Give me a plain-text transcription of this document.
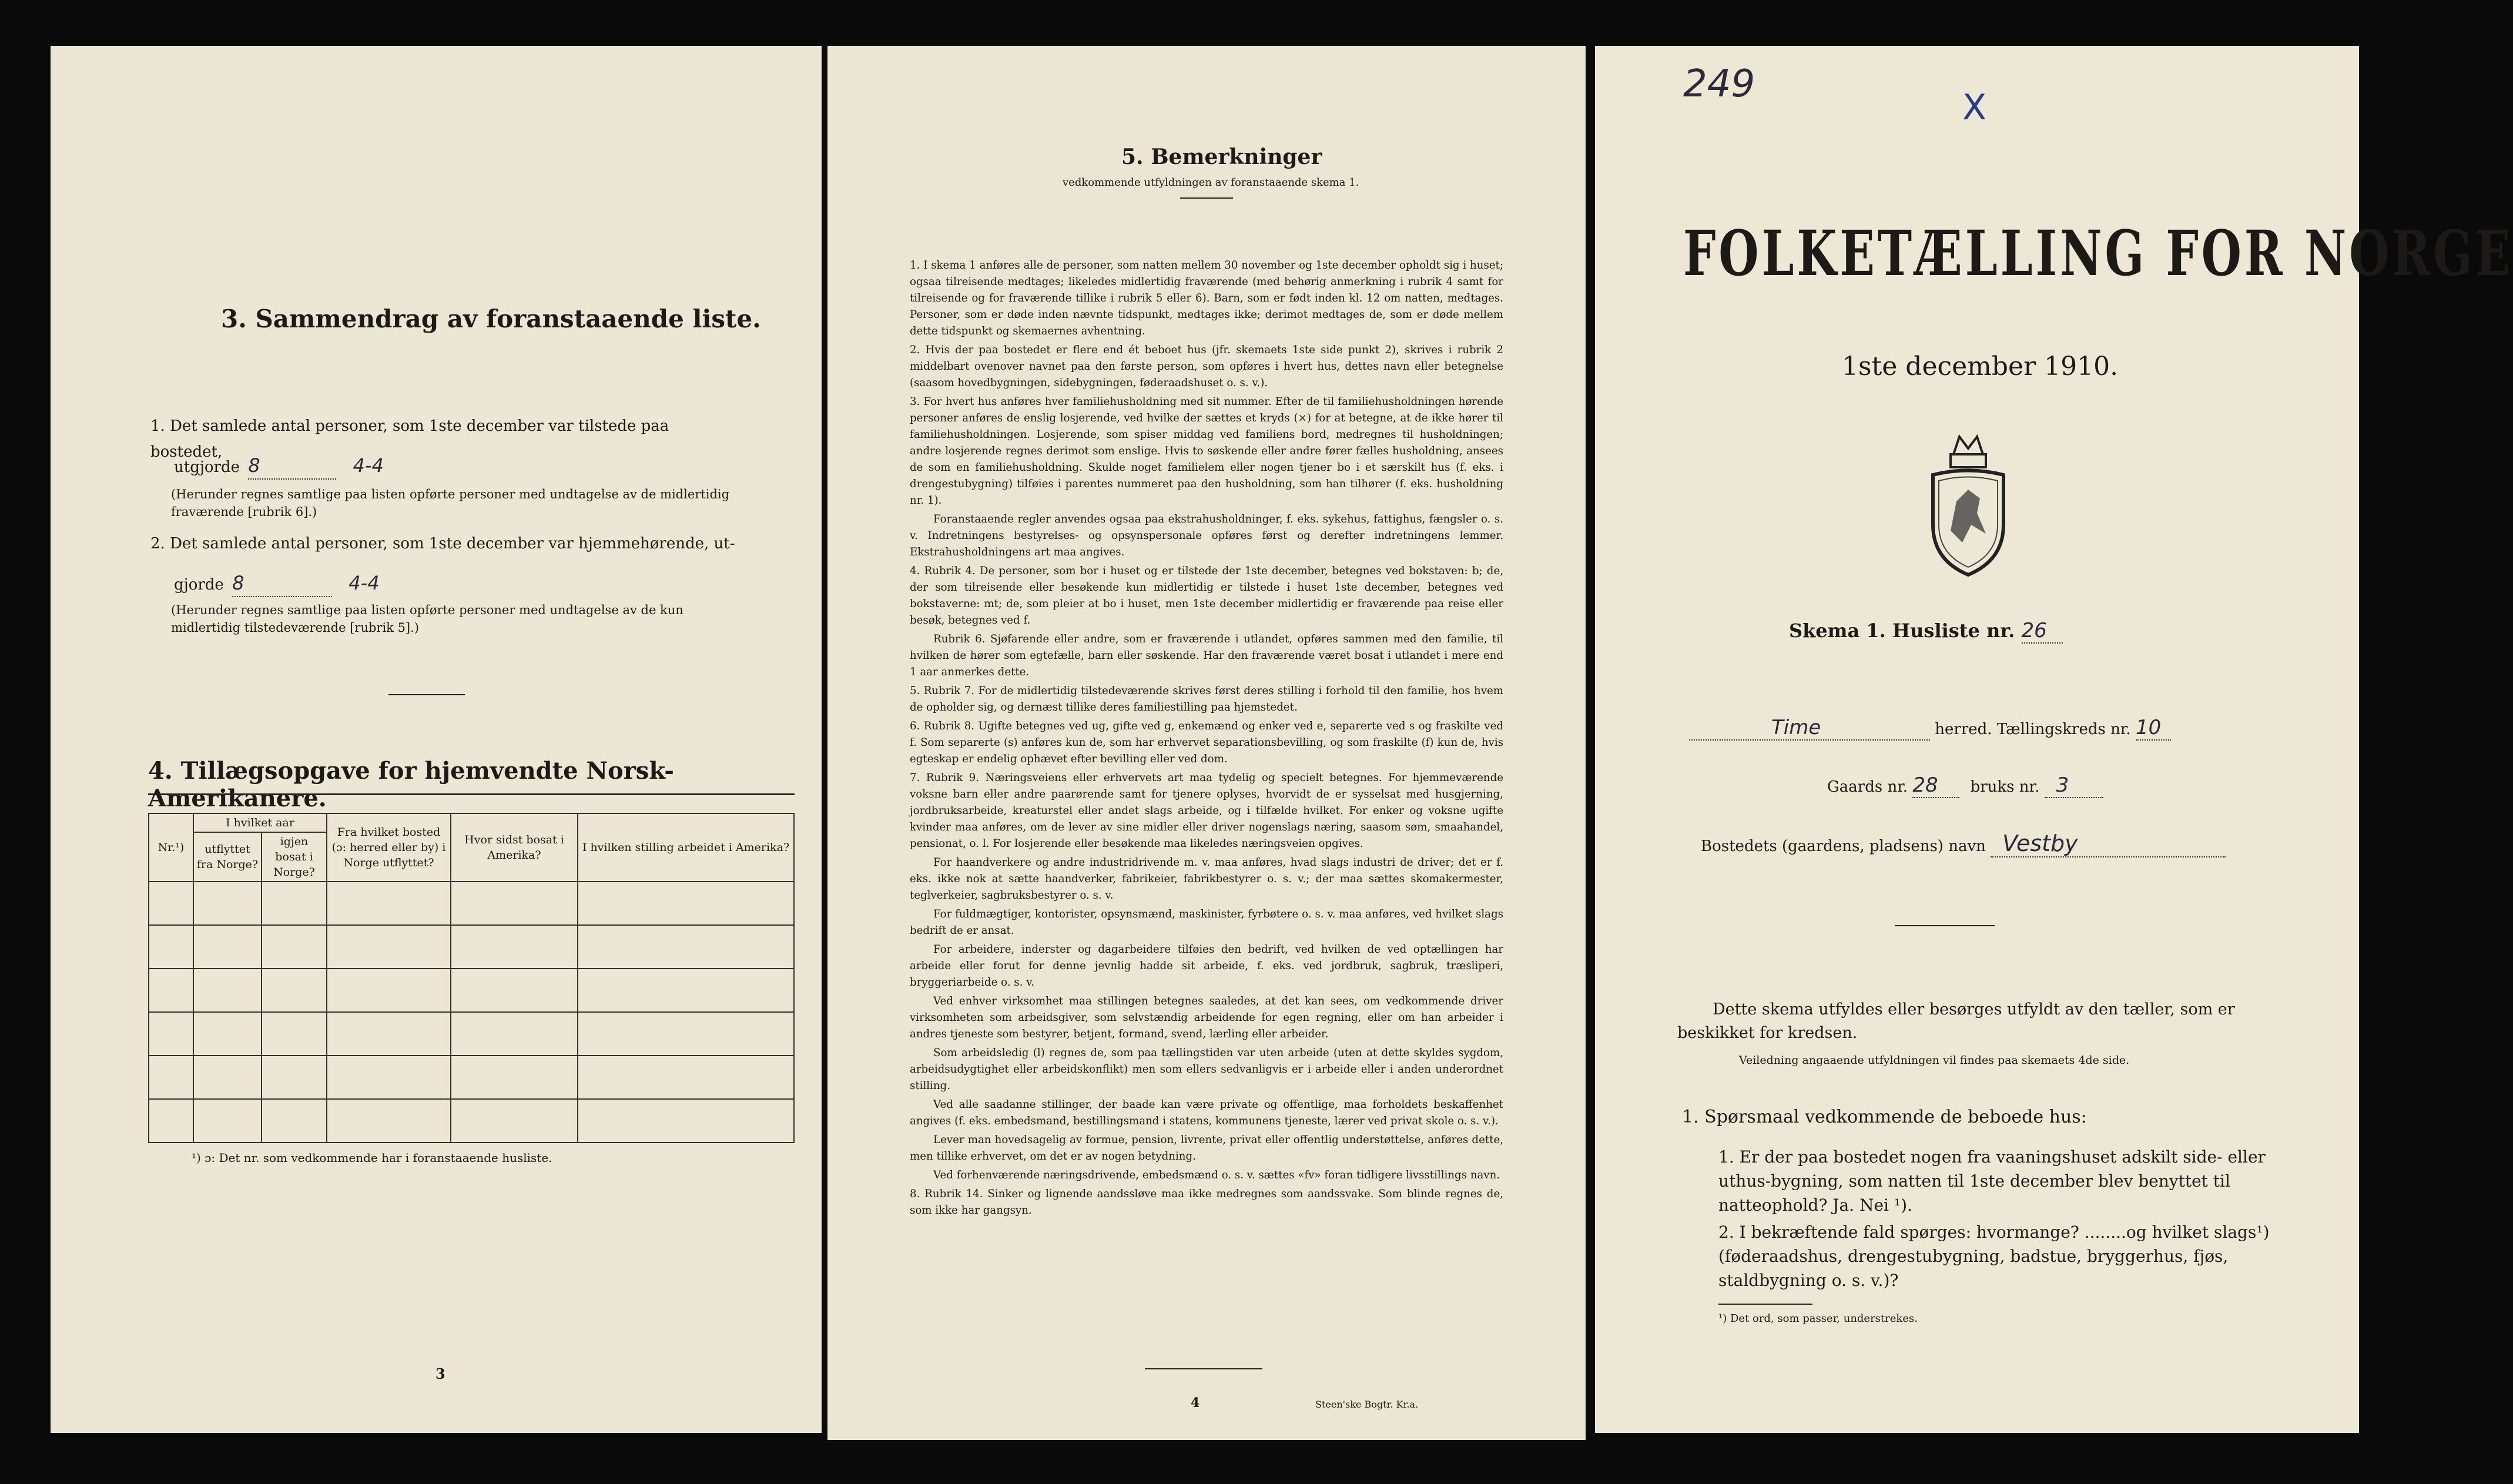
3. Sammendrag av foranstaaende liste.
1. Det samlede antal personer, som 1ste december var tilstede paa bostedet,
utgjorde 8	4-4
(Herunder regnes samtlige paa listen opførte personer med undtagelse av de midlertidig fraværende [rubrik 6].)
2. Det samlede antal personer, som 1ste december var hjemmehørende, ut-
gjorde 8	4-4
(Herunder regnes samtlige paa listen opførte personer med undtagelse av de kun midlertidig tilstedeværende [rubrik 5].)
4. Tillægsopgave for hjemvendte Norsk-Amerikanere.
Nr.¹)	I hvilket aar		Fra hvilket bosted (ɔ: herred eller by) i Norge utflyttet?	Hvor sidst bosat i Amerika?	I hvilken stilling arbeidet i Amerika?
	utflyttet fra Norge?	igjen bosat i Norge?			

¹) ɔ: Det nr. som vedkommende har i foranstaaende husliste.
3
5. Bemerkninger
vedkommende utfyldningen av foranstaaende skema 1.

1. I skema 1 anføres alle de personer, som natten mellem 30 november og 1ste december opholdt sig i huset; ogsaa tilreisende medtages; likeledes midlertidig fraværende (med behørig anmerkning i rubrik 4 samt for tilreisende og for fraværende tillike i rubrik 5 eller 6). Barn, som er født inden kl. 12 om natten, medtages. Personer, som er døde inden nævnte tidspunkt, medtages ikke; derimot medtages de, som er døde mellem dette tidspunkt og skemaernes avhentning.

2. Hvis der paa bostedet er flere end ét beboet hus (jfr. skemaets 1ste side punkt 2), skrives i rubrik 2 middelbart ovenover navnet paa den første person, som opføres i hvert hus, dettes navn eller betegnelse (saasom hovedbygningen, sidebygningen, føderaadshuset o. s. v.).

3. For hvert hus anføres hver familiehusholdning med sit nummer. Efter de til familiehusholdningen hørende personer anføres de enslig losjerende, ved hvilke der sættes et kryds (×) for at betegne, at de ikke hører til familiehusholdningen. Losjerende, som spiser middag ved familiens bord, medregnes til husholdningen; andre losjerende regnes derimot som enslige. Hvis to søskende eller andre fører fælles husholdning, ansees de som en familiehusholdning. Skulde noget familielem eller nogen tjener bo i et særskilt hus (f. eks. i drengestubygning) tilføies i parentes nummeret paa den husholdning, som han tilhører (f. eks. husholdning nr. 1).

Foranstaaende regler anvendes ogsaa paa ekstrahusholdninger, f. eks. sykehus, fattighus, fængsler o. s. v. Indretningens bestyrelses- og opsynspersonale opføres først og derefter indretningens lemmer. Ekstrahusholdningens art maa angives.

4. Rubrik 4. De personer, som bor i huset og er tilstede der 1ste december, betegnes ved bokstaven: b; de, der som tilreisende eller besøkende kun midlertidig er tilstede i huset 1ste december, betegnes ved bokstaverne: mt; de, som pleier at bo i huset, men 1ste december midlertidig er fraværende paa reise eller besøk, betegnes ved f.

Rubrik 6. Sjøfarende eller andre, som er fraværende i utlandet, opføres sammen med den familie, til hvilken de hører som egtefælle, barn eller søskende. Har den fraværende været bosat i utlandet i mere end 1 aar anmerkes dette.

5. Rubrik 7. For de midlertidig tilstedeværende skrives først deres stilling i forhold til den familie, hos hvem de opholder sig, og dernæst tillike deres familiestilling paa hjemstedet.

6. Rubrik 8. Ugifte betegnes ved ug, gifte ved g, enkemænd og enker ved e, separerte ved s og fraskilte ved f. Som separerte (s) anføres kun de, som har erhvervet separationsbevilling, og som fraskilte (f) kun de, hvis egteskap er endelig ophævet efter bevilling eller ved dom.

7. Rubrik 9. Næringsveiens eller erhvervets art maa tydelig og specielt betegnes. For hjemmeværende voksne barn eller andre paarørende samt for tjenere oplyses, hvorvidt de er sysselsat med husgjerning, jordbruksarbeide, kreaturstel eller andet slags arbeide, og i tilfælde hvilket. For enker og voksne ugifte kvinder maa anføres, om de lever av sine midler eller driver nogenslags næring, saasom søm, smaahandel, pensionat, o. l. For losjerende eller besøkende maa likeledes næringsveien opgives.

For haandverkere og andre industridrivende m. v. maa anføres, hvad slags industri de driver; det er f. eks. ikke nok at sætte haandverker, fabrikeier, fabrikbestyrer o. s. v.; der maa sættes skomakermester, teglverkeier, sagbruksbestyrer o. s. v.

For fuldmægtiger, kontorister, opsynsmænd, maskinister, fyrbøtere o. s. v. maa anføres, ved hvilket slags bedrift de er ansat.

For arbeidere, inderster og dagarbeidere tilføies den bedrift, ved hvilken de ved optællingen har arbeide eller forut for denne jevnlig hadde sit arbeide, f. eks. ved jordbruk, sagbruk, træsliperi, bryggeriarbeide o. s. v.

Ved enhver virksomhet maa stillingen betegnes saaledes, at det kan sees, om vedkommende driver virksomheten som arbeidsgiver, som selvstændig arbeidende for egen regning, eller om han arbeider i andres tjeneste som bestyrer, betjent, formand, svend, lærling eller arbeider.

Som arbeidsledig (l) regnes de, som paa tællingstiden var uten arbeide (uten at dette skyldes sygdom, arbeidsudygtighet eller arbeidskonflikt) men som ellers sedvanligvis er i arbeide eller i anden underordnet stilling.

Ved alle saadanne stillinger, der baade kan være private og offentlige, maa forholdets beskaffenhet angives (f. eks. embedsmand, bestillingsmand i statens, kommunens tjeneste, lærer ved privat skole o. s. v.).

Lever man hovedsagelig av formue, pension, livrente, privat eller offentlig understøttelse, anføres dette, men tillike erhvervet, om det er av nogen betydning.

Ved forhenværende næringsdrivende, embedsmænd o. s. v. sættes «fv» foran tidligere livsstillings navn.

8. Rubrik 14. Sinker og lignende aandssløve maa ikke medregnes som aandssvake. Som blinde regnes de, som ikke har gangsyn.

4	Steen'ske Bogtr. Kr.a.
249
X
FOLKETÆLLING FOR NORGE
1ste december 1910.
Skema 1. Husliste nr. 26
Time	herred. Tællingskreds nr. 10
Gaards nr. 28 bruks nr. 3
Bostedets (gaardens, pladsens) navn Vestby
Dette skema utfyldes eller besørges utfyldt av den tæller, som er beskikket for kredsen.
Veiledning angaaende utfyldningen vil findes paa skemaets 4de side.
1. Spørsmaal vedkommende de beboede hus:
1. Er der paa bostedet nogen fra vaaningshuset adskilt side- eller uthus-bygning, som natten til 1ste december blev benyttet til natteophold? Ja. Nei ¹).
2. I bekræftende fald spørges: hvormange? ........og hvilket slags¹) (føderaadshus, drengestubygning, badstue, bryggerhus, fjøs, staldbygning o. s. v.)?
¹) Det ord, som passer, understrekes.
